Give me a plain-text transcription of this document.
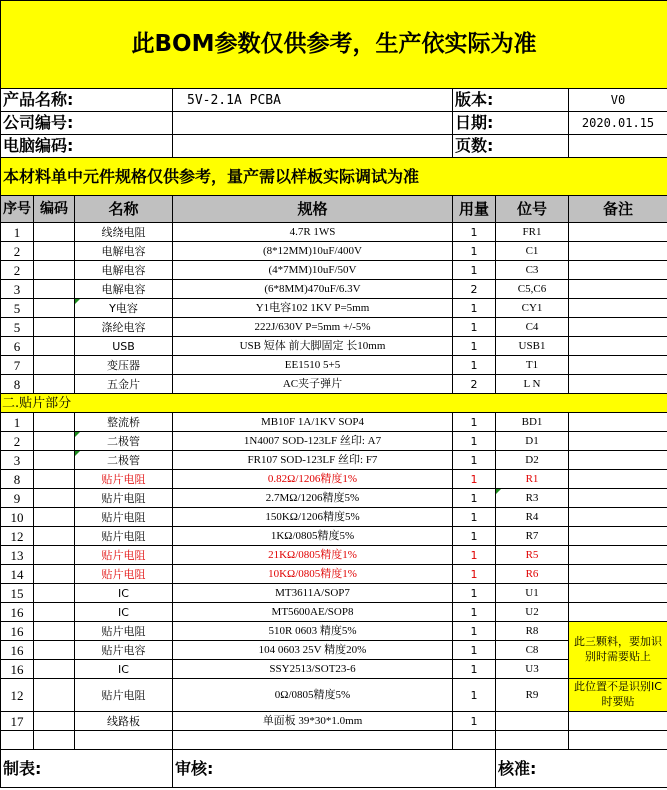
此BOM参数仅供参考，生产依实际为准						
产品名称:			5V-2.1A PCBA	版本:		V0
公司编号:				日期:		2020.01.15
电脑编码:				页数:		
本材料单中元件规格仅供参考，量产需以样板实际调试为准						
序号	编码	名称	规格	用量	位号	备注
1		线绕电阻	4.7R 1WS	1	FR1	
2		电解电容	(8*12MM)10uF/400V	1	C1	
2		电解电容	(4*7MM)10uF/50V	1	C3	
3		电解电容	(6*8MM)470uF/6.3V	2	C5,C6	
5		Y电容	Y1电容102 1KV P=5mm	1	CY1	
5		涤纶电容	222J/630V P=5mm +/-5%	1	C4	
6		USB	USB 短体 前大脚固定 长10mm	1	USB1	
7		变压器	EE1510 5+5	1	T1	
8		五金片	AC夹子弹片	2	L N	
二.贴片部分						
1		整流桥	MB10F 1A/1KV SOP4	1	BD1	
2		二极管	1N4007 SOD-123LF 丝印: A7	1	D1	
3		二极管	FR107 SOD-123LF 丝印: F7	1	D2	
8		贴片电阻	0.82Ω/1206精度1%	1	R1	
9		贴片电阻	2.7MΩ/1206精度5%	1	R3	
10		贴片电阻	150KΩ/1206精度5%	1	R4	
12		贴片电阻	1KΩ/0805精度5%	1	R7	
13		贴片电阻	21KΩ/0805精度1%	1	R5	
14		贴片电阻	10KΩ/0805精度1%	1	R6	
15		IC	MT3611A/SOP7	1	U1	
16		IC	MT5600AE/SOP8	1	U2	
16		贴片电阻	510R 0603 精度5%	1	R8	此三颗料，要加识别时需要贴上
16		贴片电容	104 0603 25V 精度20%	1	C8	
16		IC	SSY2513/SOT23-6	1	U3	
12		贴片电阻	0Ω/0805精度5%	1	R9	此位置不是识别IC时要贴
17		线路板	单面板 39*30*1.0mm	1		

制表:			审核:		核准:	
